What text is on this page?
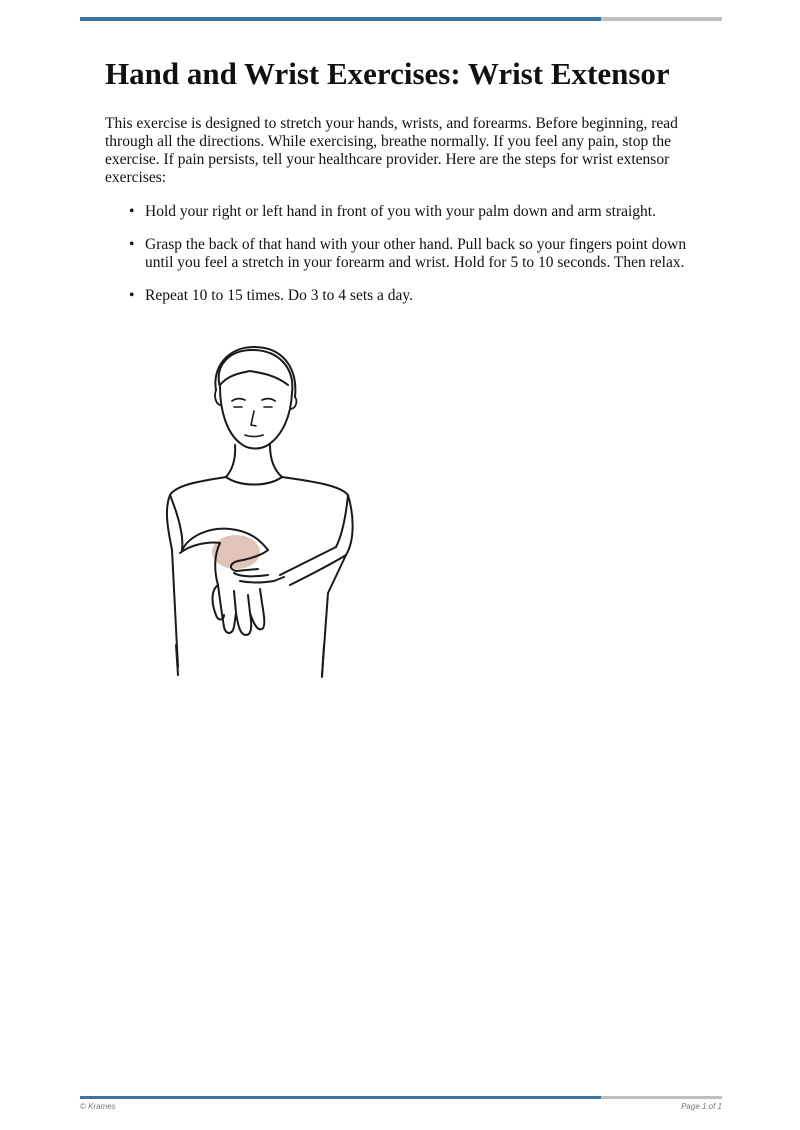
Hand and Wrist Exercises: Wrist Extensor

This exercise is designed to stretch your hands, wrists, and forearms. Before beginning, read through all the directions. While exercising, breathe normally. If you feel any pain, stop the exercise. If pain persists, tell your healthcare provider. Here are the steps for wrist extensor exercises:

• Hold your right or left hand in front of you with your palm down and arm straight.
• Grasp the back of that hand with your other hand. Pull back so your fingers point down until you feel a stretch in your forearm and wrist. Hold for 5 to 10 seconds. Then relax.
• Repeat 10 to 15 times. Do 3 to 4 sets a day.
© Krames	Page 1 of 1
